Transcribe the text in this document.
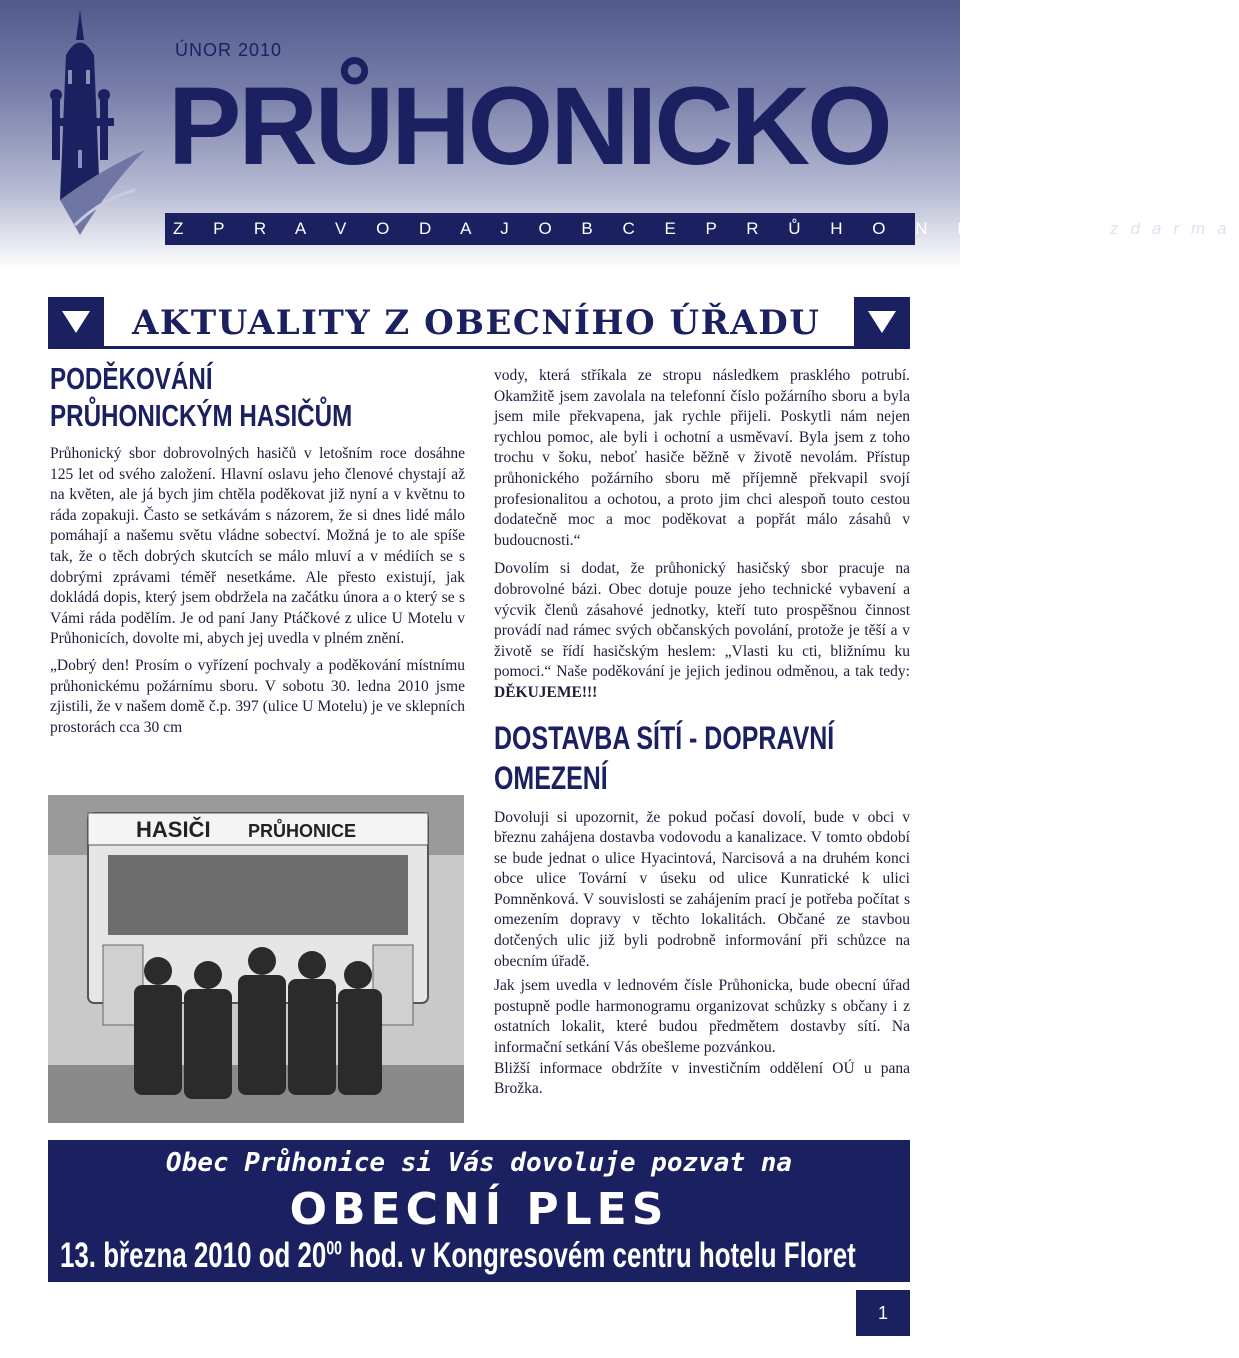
ÚNOR 2010
PRŮHONICKO
Z P R A V O D A J O B C E P R Ů H O N I C E • zdarma
AKTUALITY Z OBECNÍHO ÚŘADU
PODĚKOVÁNÍ
PRŮHONICKÝM HASIČŮM

Průhonický sbor dobrovolných hasičů v letošním roce dosáhne 125 let od svého založení. Hlavní oslavu jeho členové chystají až na květen, ale já bych jim chtěla poděkovat již nyní a v květnu to ráda zopakuji. Často se setkávám s názorem, že si dnes lidé málo pomáhají a našemu světu vládne sobectví. Možná je to ale spíše tak, že o těch dobrých skutcích se málo mluví a v médiích se s dobrými zprávami téměř nesetkáme. Ale přesto existují, jak dokládá dopis, který jsem obdržela na začátku února a o který se s Vámi ráda podělím. Je od paní Jany Ptáčkové z ulice U Motelu v Průhonicích, dovolte mi, abych jej uvedla v plném znění.

„Dobrý den! Prosím o vyřízení pochvaly a poděkování místnímu průhonickému požárnímu sboru. V sobotu 30. ledna 2010 jsme zjistili, že v našem domě č.p. 397 (ulice U Motelu) je ve sklepních prostorách cca 30 cm

HASIČI PRŮHONICE

vody, která stříkala ze stropu následkem prasklého potrubí. Okamžitě jsem zavolala na telefonní číslo požárního sboru a byla jsem mile překvapena, jak rychle přijeli. Poskytli nám nejen rychlou pomoc, ale byli i ochotní a usměvaví. Byla jsem z toho trochu v šoku, neboť hasiče běžně v životě nevolám. Přístup průhonického požárního sboru mě příjemně překvapil svojí profesionalitou a ochotou, a proto jim chci alespoň touto cestou dodatečně moc a moc poděkovat a popřát málo zásahů v budoucnosti.“

Dovolím si dodat, že průhonický hasičský sbor pracuje na dobrovolné bázi. Obec dotuje pouze jeho technické vybavení a výcvik členů zásahové jednotky, kteří tuto prospěšnou činnost provádí nad rámec svých občanských povolání, protože je těší a v životě se řídí hasičským heslem: „Vlasti ku cti, bližnímu ku pomoci.“ Naše poděkování je jejich jedinou odměnou, a tak tedy: DĚKUJEME!!!

DOSTAVBA SÍTÍ - DOPRAVNÍ
OMEZENÍ

Dovoluji si upozornit, že pokud počasí dovolí, bude v obci v březnu zahájena dostavba vodovodu a kanalizace. V tomto období se bude jednat o ulice Hyacintová, Narcisová a na druhém konci obce ulice Tovární v úseku od ulice Kunratické k ulici Pomněnková. V souvislosti se zahájením prací je potřeba počítat s omezením dopravy v těchto lokalitách. Občané ze stavbou dotčených ulic již byli podrobně informování při schůzce na obecním úřadě.

Jak jsem uvedla v lednovém čísle Průhonicka, bude obecní úřad postupně podle harmonogramu organizovat schůzky s občany i z ostatních lokalit, které budou předmětem dostavby sítí. Na informační setkání Vás obešleme pozvánkou.

Bližší informace obdržíte v investičním oddělení OÚ u pana Brožka.

Obec Průhonice si Vás dovoluje pozvat na
OBECNÍ PLES
13. března 2010 od $20^{00}$ hod. v Kongresovém centru hotelu Floret
1
